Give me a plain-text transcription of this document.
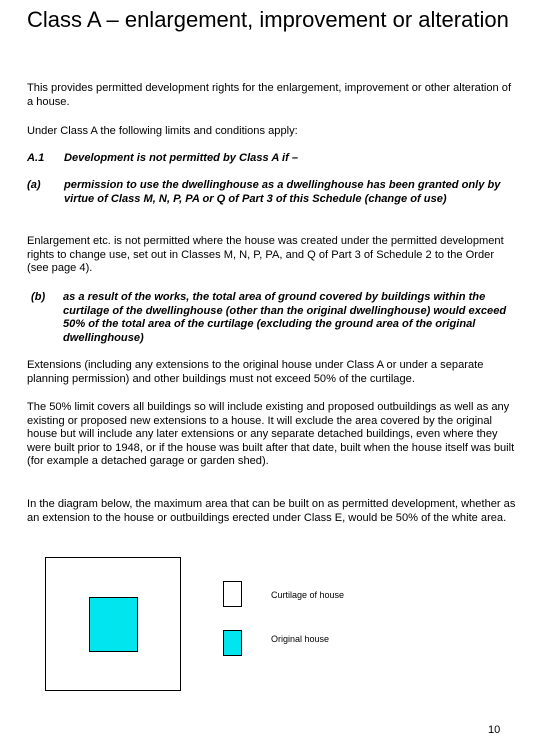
Class A – enlargement, improvement or alteration
This provides permitted development rights for the enlargement, improvement or other alteration of a house.
Under Class A the following limits and conditions apply:
A.1 Development is not permitted by Class A if –
(a) permission to use the dwellinghouse as a dwellinghouse has been granted only by virtue of Class M, N, P, PA or Q of Part 3 of this Schedule (change of use)
Enlargement etc. is not permitted where the house was created under the permitted development rights to change use, set out in Classes M, N, P, PA, and Q of Part 3 of Schedule 2 to the Order (see page 4).
(b) as a result of the works, the total area of ground covered by buildings within the curtilage of the dwellinghouse (other than the original dwellinghouse) would exceed 50% of the total area of the curtilage (excluding the ground area of the original dwellinghouse)
Extensions (including any extensions to the original house under Class A or under a separate planning permission) and other buildings must not exceed 50% of the curtilage.
The 50% limit covers all buildings so will include existing and proposed outbuildings as well as any existing or proposed new extensions to a house. It will exclude the area covered by the original house but will include any later extensions or any separate detached buildings, even where they were built prior to 1948, or if the house was built after that date, built when the house itself was built (for example a detached garage or garden shed).
In the diagram below, the maximum area that can be built on as permitted development, whether as an extension to the house or outbuildings erected under Class E, would be 50% of the white area.
Curtilage of house
Original house
10
